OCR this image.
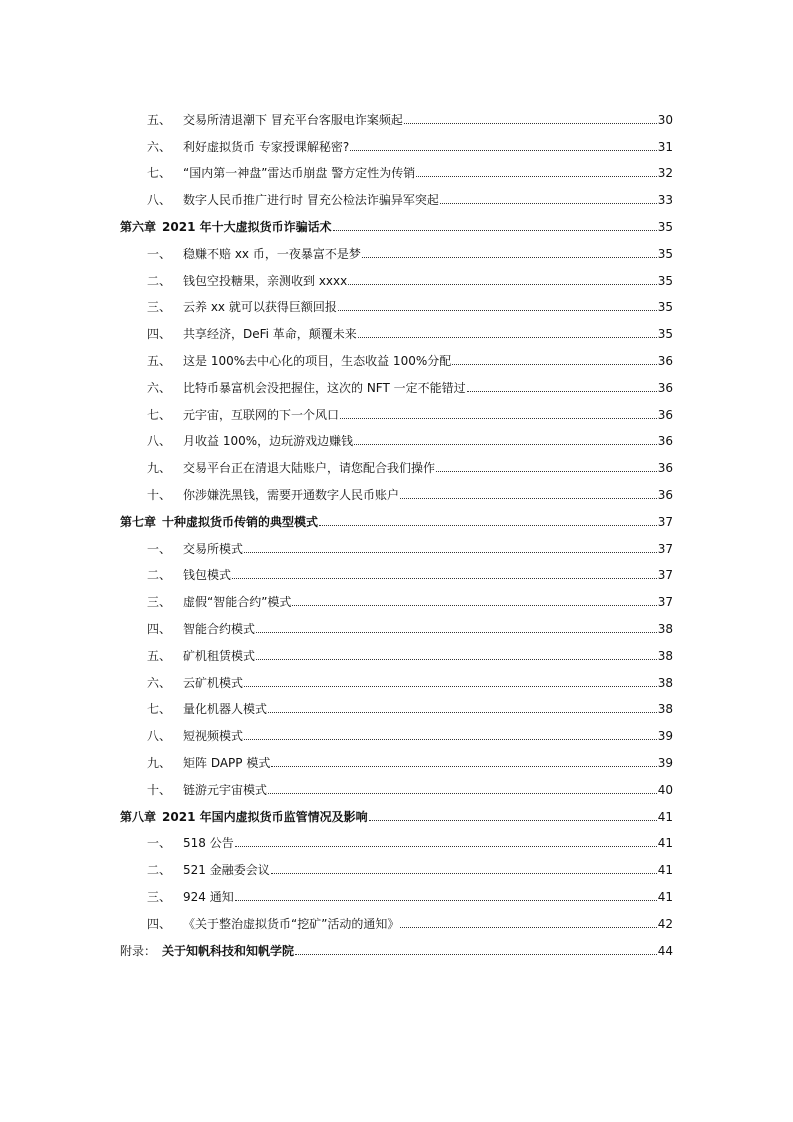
五、 交易所清退潮下 冒充平台客服电诈案频起	30
六、 利好虚拟货币 专家授课解秘密?	31
七、 “国内第一神盘”雷达币崩盘 警方定性为传销	32
八、 数字人民币推广进行时 冒充公检法诈骗异军突起	33
第六章 2021 年十大虚拟货币诈骗话术	35
一、 稳赚不赔 xx 币，一夜暴富不是梦	35
二、 钱包空投糖果，亲测收到 xxxx	35
三、 云养 xx 就可以获得巨额回报	35
四、 共享经济，DeFi 革命，颠覆未来	35
五、 这是 100%去中心化的项目，生态收益 100%分配	36
六、 比特币暴富机会没把握住，这次的 NFT 一定不能错过	36
七、 元宇宙，互联网的下一个风口	36
八、 月收益 100%，边玩游戏边赚钱	36
九、 交易平台正在清退大陆账户，请您配合我们操作	36
十、 你涉嫌洗黑钱，需要开通数字人民币账户	36
第七章 十种虚拟货币传销的典型模式	37
一、 交易所模式	37
二、 钱包模式	37
三、 虚假“智能合约”模式	37
四、 智能合约模式	38
五、 矿机租赁模式	38
六、 云矿机模式	38
七、 量化机器人模式	38
八、 短视频模式	39
九、 矩阵 DAPP 模式	39
十、 链游元宇宙模式	40
第八章 2021 年国内虚拟货币监管情况及影响	41
一、 518 公告	41
二、 521 金融委会议	41
三、 924 通知	41
四、 《关于整治虚拟货币“挖矿”活动的通知》	42
附录： 关于知帆科技和知帆学院	44
